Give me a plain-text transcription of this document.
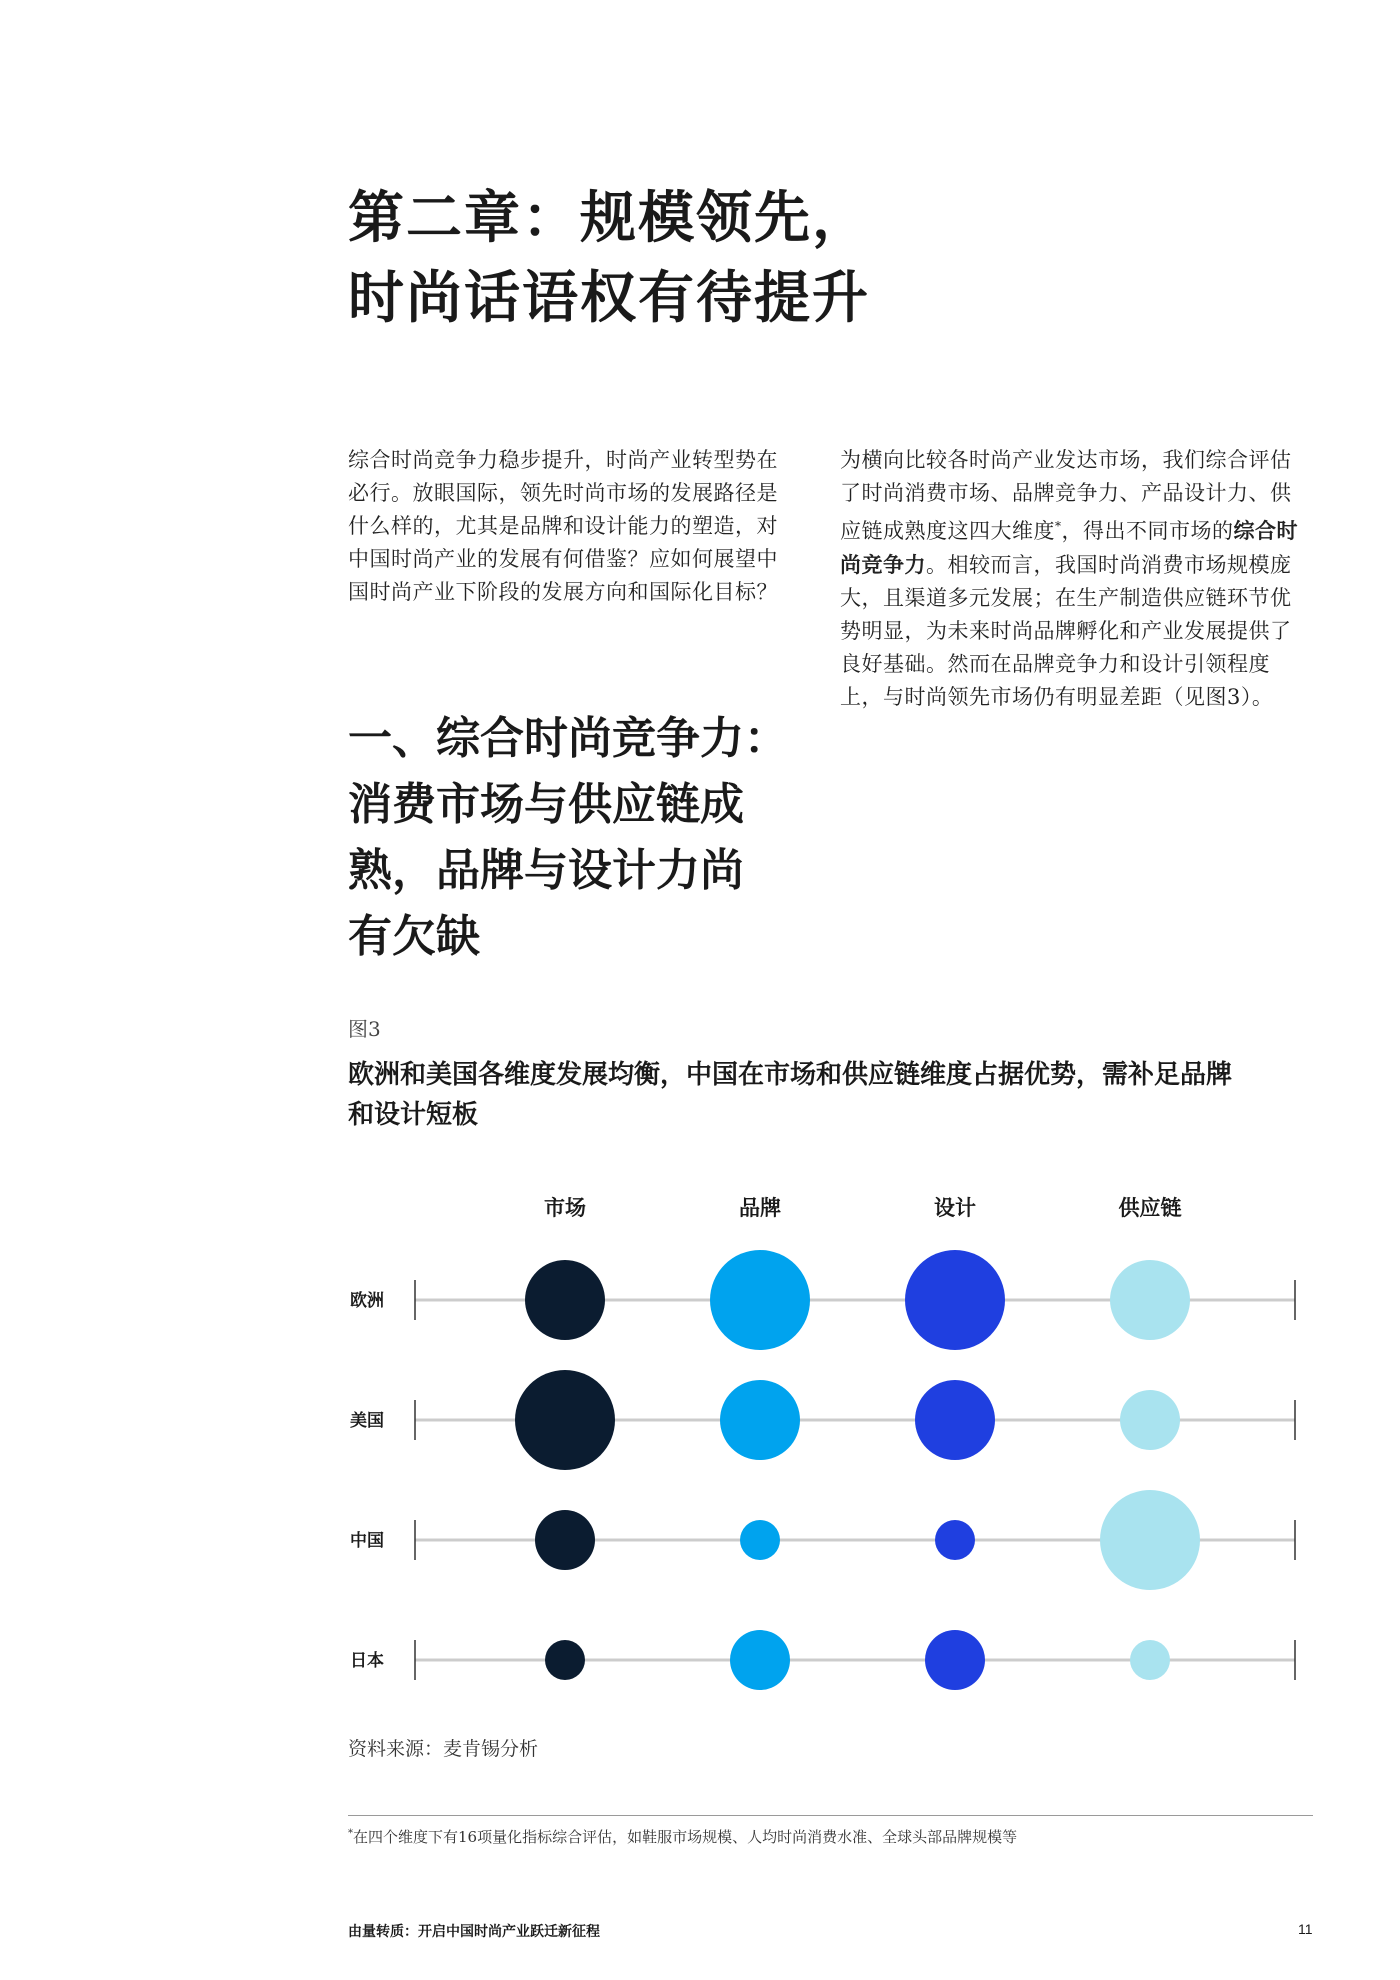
第二章：规模领先，
时尚话语权有待提升
综合时尚竞争力稳步提升，时尚产业转型势在必行。放眼国际，领先时尚市场的发展路径是什么样的，尤其是品牌和设计能力的塑造，对中国时尚产业的发展有何借鉴？应如何展望中国时尚产业下阶段的发展方向和国际化目标？
一、综合时尚竞争力：
消费市场与供应链成
熟，品牌与设计力尚
有欠缺
为横向比较各时尚产业发达市场，我们综合评估了时尚消费市场、品牌竞争力、产品设计力、供应链成熟度这四大维度*，得出不同市场的综合时尚竞争力。相较而言，我国时尚消费市场规模庞大，且渠道多元发展；在生产制造供应链环节优势明显，为未来时尚品牌孵化和产业发展提供了良好基础。然而在品牌竞争力和设计引领程度上，与时尚领先市场仍有明显差距（见图3）。
图3
欧洲和美国各维度发展均衡，中国在市场和供应链维度占据优势，需补足品牌
和设计短板
市场	品牌	设计	供应链
欧洲
美国
中国
日本
资料来源：麦肯锡分析
*在四个维度下有16项量化指标综合评估，如鞋服市场规模、人均时尚消费水准、全球头部品牌规模等
由量转质：开启中国时尚产业跃迁新征程	11
